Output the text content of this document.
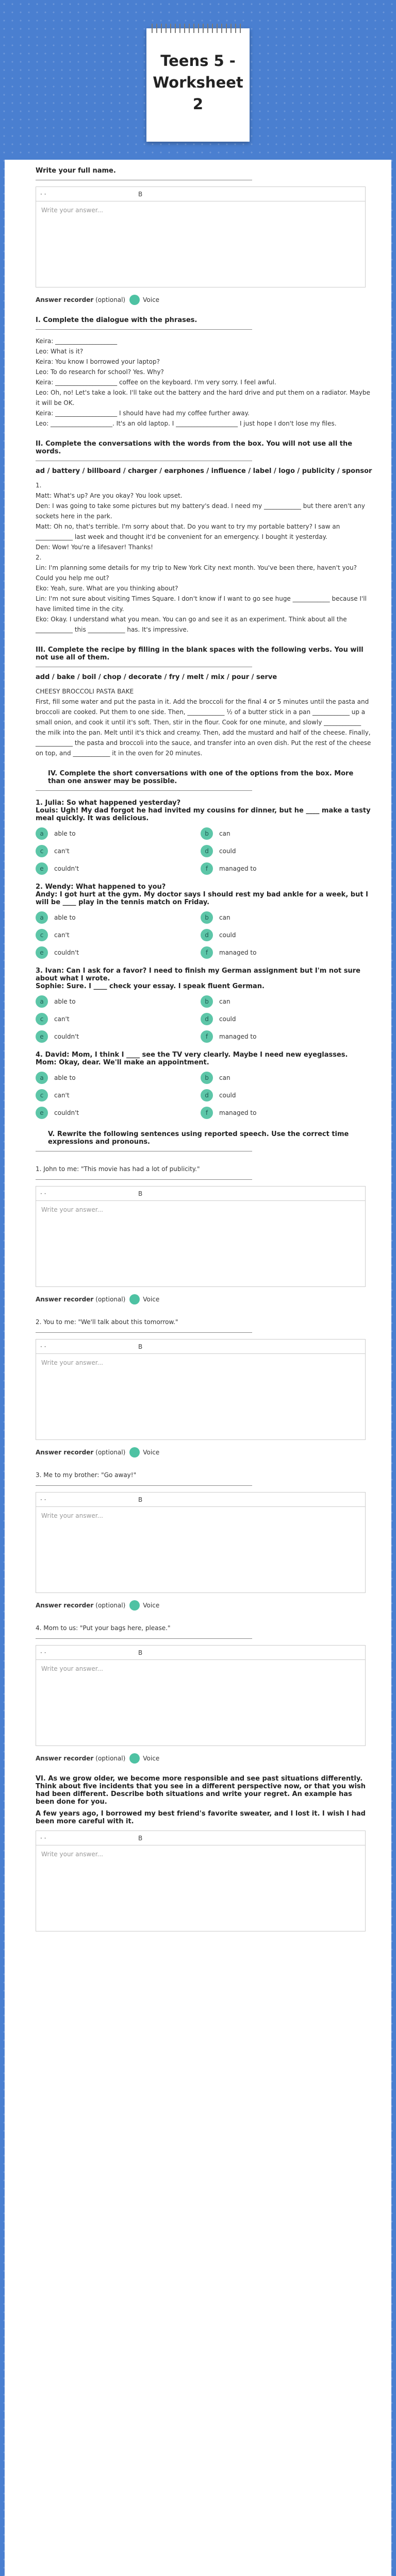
Teens 5 - Worksheet 2
Write your full name.
· ·	B
Write your answer...
Answer recorder
(optional)	Voice
I. Complete the dialogue with the phrases.
Keira: ____________________
Leo: What is it?
Keira: You know I borrowed your laptop?
Leo: To do research for school? Yes. Why?
Keira: ____________________ coffee on the keyboard. I'm very sorry. I feel awful.
Leo: Oh, no! Let's take a look. I'll take out the battery and the hard drive and put them on a radiator. Maybe it will be OK.
Keira: ____________________ I should have had my coffee further away.
Leo: ____________________. It's an old laptop. I ____________________ I just hope I don't lose my files.
II. Complete the conversations with the words from the box. You will not use all the words.
ad / battery / billboard / charger / earphones / influence / label / logo / publicity / sponsor
1.
Matt: What's up? Are you okay? You look upset.
Den: I was going to take some pictures but my battery's dead. I need my ____________ but there aren't any sockets here in the park.
Matt: Oh no, that's terrible. I'm sorry about that. Do you want to try my portable battery? I saw an ____________ last week and thought it'd be convenient for an emergency. I bought it yesterday.
Den: Wow! You're a lifesaver! Thanks!
2.
Lin: I'm planning some details for my trip to New York City next month. You've been there, haven't you? Could you help me out?
Eko: Yeah, sure. What are you thinking about?
Lin: I'm not sure about visiting Times Square. I don't know if I want to go see huge ____________ because I'll have limited time in the city.
Eko: Okay. I understand what you mean. You can go and see it as an experiment. Think about all the ____________ this ____________ has. It's impressive.
III. Complete the recipe by filling in the blank spaces with the following verbs. You will not use all of them.
add / bake / boil / chop / decorate / fry / melt / mix / pour / serve
CHEESY BROCCOLI PASTA BAKE
First, fill some water and put the pasta in it. Add the broccoli for the final 4 or 5 minutes until the pasta and broccoli are cooked. Put them to one side. Then, ____________ ½ of a butter stick in a pan ____________ up a small onion, and cook it until it's soft. Then, stir in the flour. Cook for one minute, and slowly ____________ the milk into the pan. Melt until it's thick and creamy. Then, add the mustard and half of the cheese. Finally, ____________ the pasta and broccoli into the sauce, and transfer into an oven dish. Put the rest of the cheese on top, and ____________ it in the oven for 20 minutes.
IV. Complete the short conversations with one of the options from the box. More than one answer may be possible.
1. Julia: So what happened yesterday?
Louis: Ugh! My dad forgot he had invited my cousins for dinner, but he ____ make a tasty meal quickly. It was delicious.
a	able to	b	can
c	can't	d	could
e	couldn't	f	managed to
2. Wendy: What happened to you?
Andy: I got hurt at the gym. My doctor says I should rest my bad ankle for a week, but I will be ____ play in the tennis match on Friday.
a	able to	b	can
c	can't	d	could
e	couldn't	f	managed to
3. Ivan: Can I ask for a favor? I need to finish my German assignment but I'm not sure about what I wrote.
Sophie: Sure. I ____ check your essay. I speak fluent German.
a	able to	b	can
c	can't	d	could
e	couldn't	f	managed to
4. David: Mom, I think I ____ see the TV very clearly. Maybe I need new eyeglasses.
Mom: Okay, dear. We'll make an appointment.
a	able to	b	can
c	can't	d	could
e	couldn't	f	managed to
V. Rewrite the following sentences using reported speech. Use the correct time expressions and pronouns.
1. John to me: "This movie has had a lot of publicity."
· ·	B
Write your answer...
Answer recorder (optional)	Voice
2. You to me: "We'll talk about this tomorrow."
· ·	B
Write your answer...
Answer recorder (optional)	Voice
3. Me to my brother: "Go away!"
· ·	B
Write your answer...
Answer recorder (optional)	Voice
4. Mom to us: "Put your bags here, please."
· ·	B
Write your answer...
Answer recorder (optional)	Voice
VI. As we grow older, we become more responsible and see past situations differently. Think about five incidents that you see in a different perspective now, or that you wish had been different. Describe both situations and write your regret. An example has been done for you.
A few years ago, I borrowed my best friend's favorite sweater, and I lost it. I wish I had been more careful with it.
· ·	B
Write your answer...
